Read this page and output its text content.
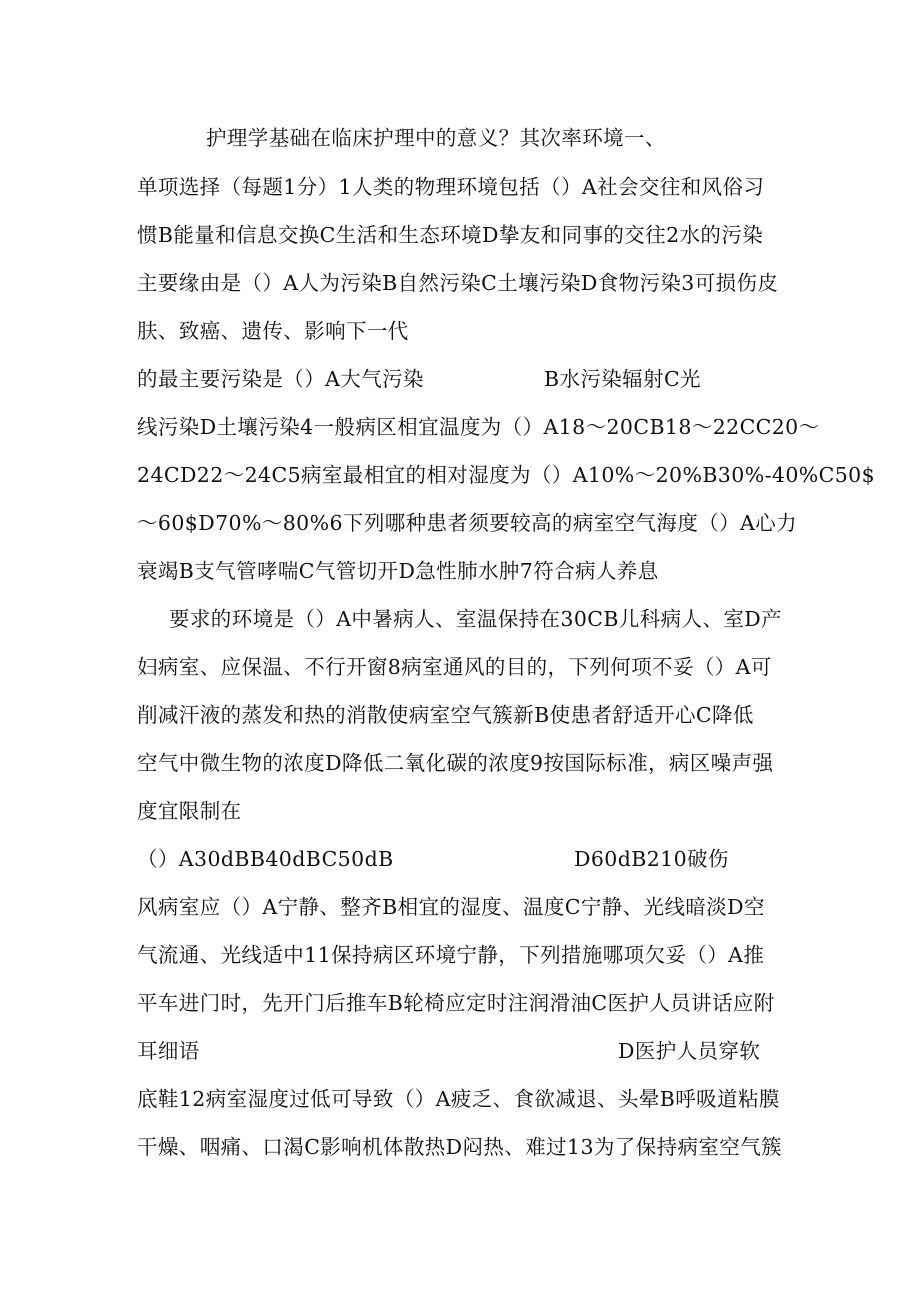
护理学基础在临床护理中的意义？其次率环境一、
单项选择（每题1分）1人类的物理环境包括（）A社会交往和风俗习
惯B能量和信息交换C生活和生态环境D挚友和同事的交往2水的污染
主要缘由是（）A人为污染B自然污染C土壤污染D食物污染3可损伤皮
肤、致癌、遗传、影响下一代
的最主要污染是（）A大气污染	B水污染辐射C光
线污染D土壤污染4一般病区相宜温度为（）A18～20CB18～22CC20～
24CD22～24C5病室最相宜的相对湿度为（）A10%～20%B30%-40%C50$
～60$D70%～80%6下列哪种患者须要较高的病室空气海度（）A心力
衰竭B支气管哮喘C气管切开D急性肺水肿7符合病人养息
要求的环境是（）A中暑病人、室温保持在30CB儿科病人、室D产
妇病室、应保温、不行开窗8病室通风的目的，下列何项不妥（）A可
削减汗液的蒸发和热的消散使病室空气簇新B使患者舒适开心C降低
空气中微生物的浓度D降低二氧化碳的浓度9按国际标准，病区噪声强
度宜限制在
（）A30dBB40dBC50dB	D60dB210破伤
风病室应（）A宁静、整齐B相宜的湿度、温度C宁静、光线暗淡D空
气流通、光线适中11保持病区环境宁静，下列措施哪项欠妥（）A推
平车进门时，先开门后推车B轮椅应定时注润滑油C医护人员讲话应附
耳细语	D医护人员穿软
底鞋12病室湿度过低可导致（）A疲乏、食欲减退、头晕B呼吸道粘膜
干燥、咽痛、口渴C影响机体散热D闷热、难过13为了保持病室空气簇
